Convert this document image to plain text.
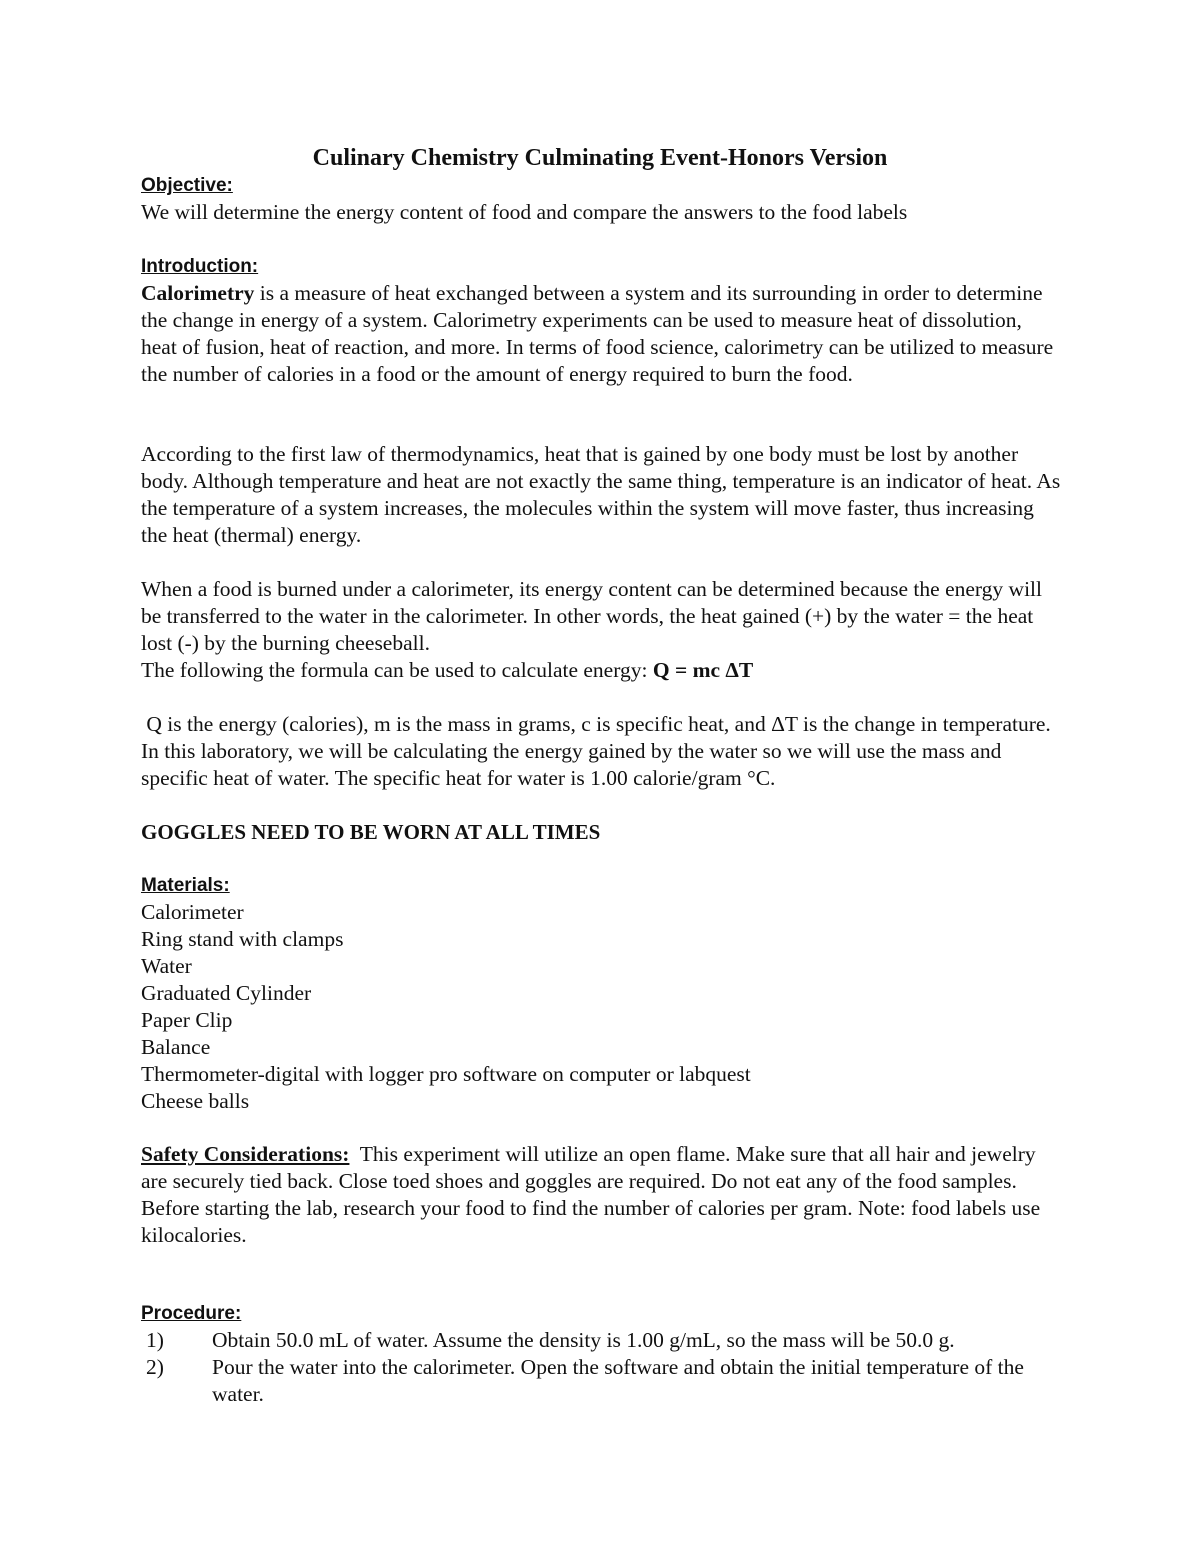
Culinary Chemistry Culminating Event-Honors Version
Objective:

We will determine the energy content of food and compare the answers to the food labels

Introduction:

Calorimetry is a measure of heat exchanged between a system and its surrounding in order to determine the change in energy of a system. Calorimetry experiments can be used to measure heat of dissolution, heat of fusion, heat of reaction, and more. In terms of food science, calorimetry can be utilized to measure the number of calories in a food or the amount of energy required to burn the food.

According to the first law of thermodynamics, heat that is gained by one body must be lost by another body. Although temperature and heat are not exactly the same thing, temperature is an indicator of heat. As the temperature of a system increases, the molecules within the system will move faster, thus increasing the heat (thermal) energy.

When a food is burned under a calorimeter, its energy content can be determined because the energy will be transferred to the water in the calorimeter. In other words, the heat gained (+) by the water = the heat lost (-) by the burning cheeseball.

The following the formula can be used to calculate energy: Q = mc ΔT

Q is the energy (calories), m is the mass in grams, c is specific heat, and ΔT is the change in temperature. In this laboratory, we will be calculating the energy gained by the water so we will use the mass and specific heat of water. The specific heat for water is 1.00 calorie/gram °C.

GOGGLES NEED TO BE WORN AT ALL TIMES
Materials:
Calorimeter
Ring stand with clamps
Water
Graduated Cylinder
Paper Clip
Balance
Thermometer-digital with logger pro software on computer or labquest
Cheese balls

Safety Considerations:  This experiment will utilize an open flame. Make sure that all hair and jewelry are securely tied back. Close toed shoes and goggles are required. Do not eat any of the food samples.

Before starting the lab, research your food to find the number of calories per gram. Note: food labels use kilocalories.

Procedure:
1) Obtain 50.0 mL of water. Assume the density is 1.00 g/mL, so the mass will be 50.0 g.
2) Pour the water into the calorimeter. Open the software and obtain the initial temperature of the water.
